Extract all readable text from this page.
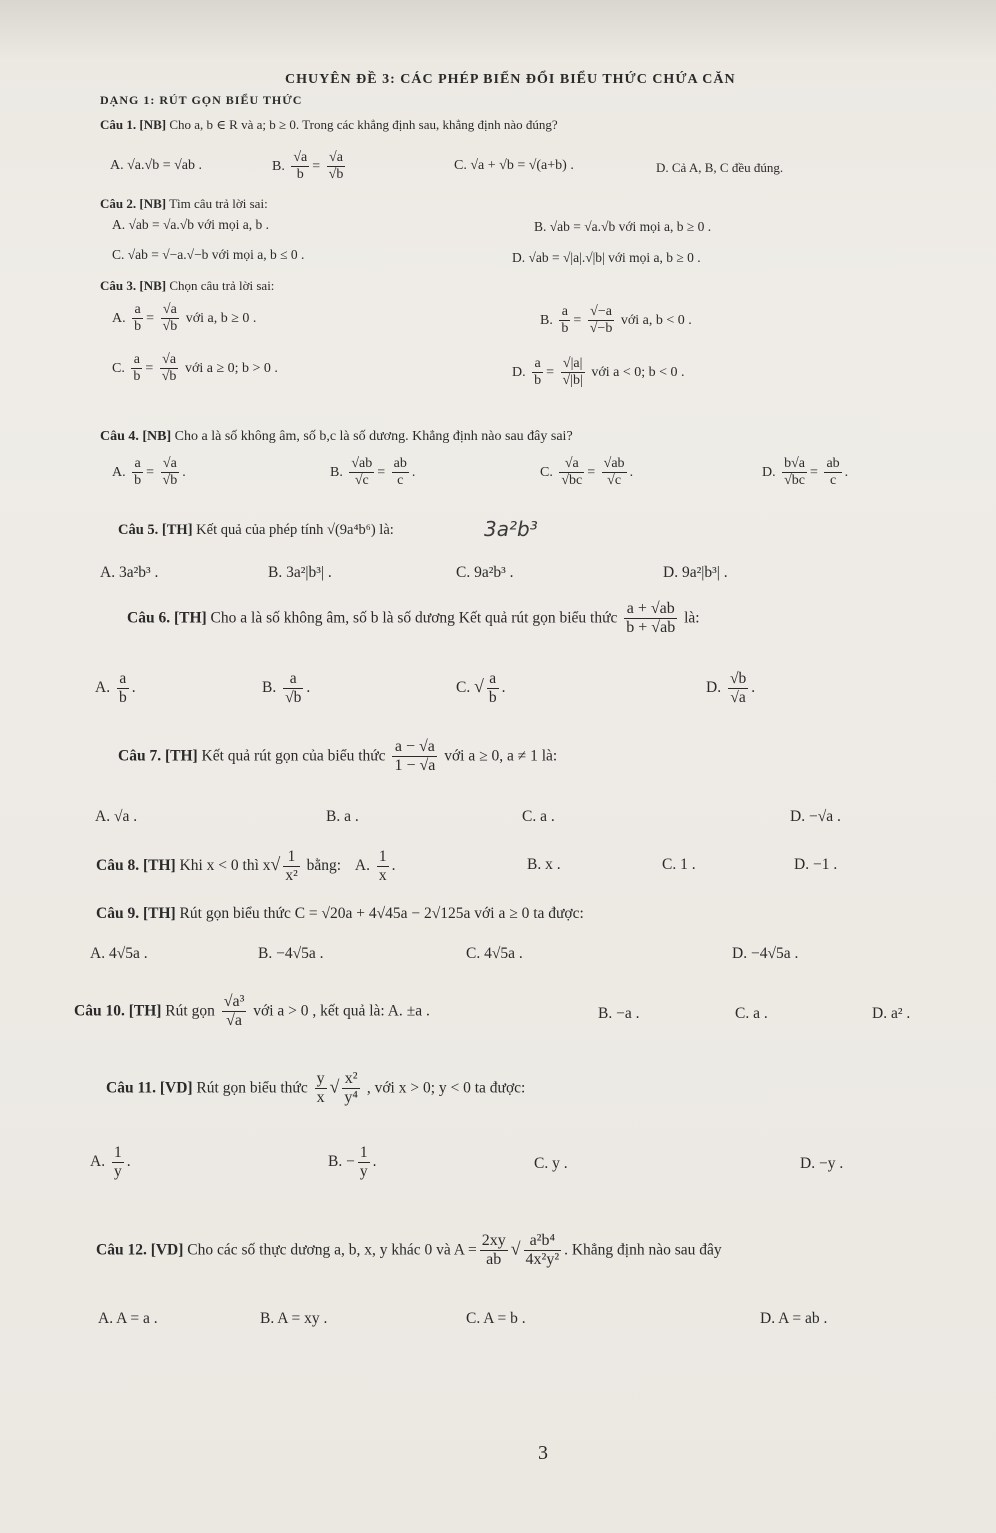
CHUYÊN ĐỀ 3: CÁC PHÉP BIẾN ĐỔI BIỂU THỨC CHỨA CĂN
DẠNG 1: RÚT GỌN BIỂU THỨC
Câu 1. [NB] Cho a, b ∈ R và a; b ≥ 0. Trong các khẳng định sau, khẳng định nào đúng?
A. √a.√b = √ab .	B. $\frac{√a}{b} = \frac{√a}{√b}$	C. √a + √b = √(a+b) .	D. Cả A, B, C đều đúng.
Câu 2. [NB] Tìm câu trả lời sai:
A. √ab = √a.√b với mọi a, b .	B. √ab = √a.√b với mọi a, b ≥ 0 .
C. √ab = √−a.√−b với mọi a, b ≤ 0 .	D. √ab = √|a|.√|b| với mọi a, b ≥ 0 .
Câu 3. [NB] Chọn câu trả lời sai:
A. $\frac{a}{b} = \frac{√a}{√b}$ với a, b ≥ 0 .	B. $\frac{a}{b} = \frac{√-a}{√-b}$ với a, b < 0 .
C. $\frac{a}{b} = \frac{√a}{√b}$ với a ≥ 0; b > 0 .	D. $\frac{a}{b} = \frac{√|a|}{√|b|}$ với a < 0; b < 0 .
Câu 4. [NB] Cho a là số không âm, số b,c là số dương. Khẳng định nào sau đây sai?
A. $\frac{a}{b} = \frac{√a}{√b}$ .	B. $\frac{√ab}{√c} = \frac{ab}{c}$ .	C. $\frac{√a}{√bc} = \frac{√ab}{√c}$ .	D. $\frac{b√a}{√bc} = \frac{ab}{c}$ .
Câu 5. [TH] Kết quả của phép tính √(9a⁴b⁶) là:	3a²b³
A. 3a²b³ .	B. 3a²|b³| .	C. 9a²b³ .	D. 9a²|b³| .
Câu 6. [TH] Cho a là số không âm, số b là số dương Kết quả rút gọn biểu thức $\frac{a + √ab}{b + √ab}$ là:
A. $\frac{a}{b}$ .	B. $\frac{a}{√b}$ .	C. √ $\frac{a}{b}$ .	D. $\frac{√b}{√a}$ .
Câu 7. [TH] Kết quả rút gọn của biểu thức $\frac{a - √a}{1 - √a}$ với a ≥ 0, a ≠ 1 là:
A. √a .	B. a .	C. a .	D. −√a .
Câu 8. [TH] Khi x < 0 thì $x√ \frac{1}{\text{x²}}$ bằng: A. $\frac{1}{x}$ .	B. x .	C. 1 .	D. −1 .
Câu 9. [TH] Rút gọn biểu thức C = √20a + 4√45a − 2√125a với a ≥ 0 ta được:
A. 4√5a .	B. −4√5a .	C. 4√5a .	D. −4√5a .
Câu 10. [TH] Rút gọn $\frac{\text{√a³}}{√a}$ với a > 0 , kết quả là: A. ±a .	B. −a .	C. a .	D. a² .
Câu 11. [VD] Rút gọn biểu thức $\frac{y}{x}$ √ $\frac{\text{x²}}{\text{y⁴}}$ , với x > 0; y < 0 ta được:
A. $\frac{1}{y}$ .	B. − $\frac{1}{y}$ .	C. y .	D. −y .
Câu 12. [VD] Cho các số thực dương a, b, x, y khác 0 và $A = \frac{2xy}{ab}$ √ $\frac{\text{a²b⁴}}{\text{4x²y²}}$ . Khẳng định nào sau đây
A. A = a .	B. A = xy .	C. A = b .	D. A = ab .
3
